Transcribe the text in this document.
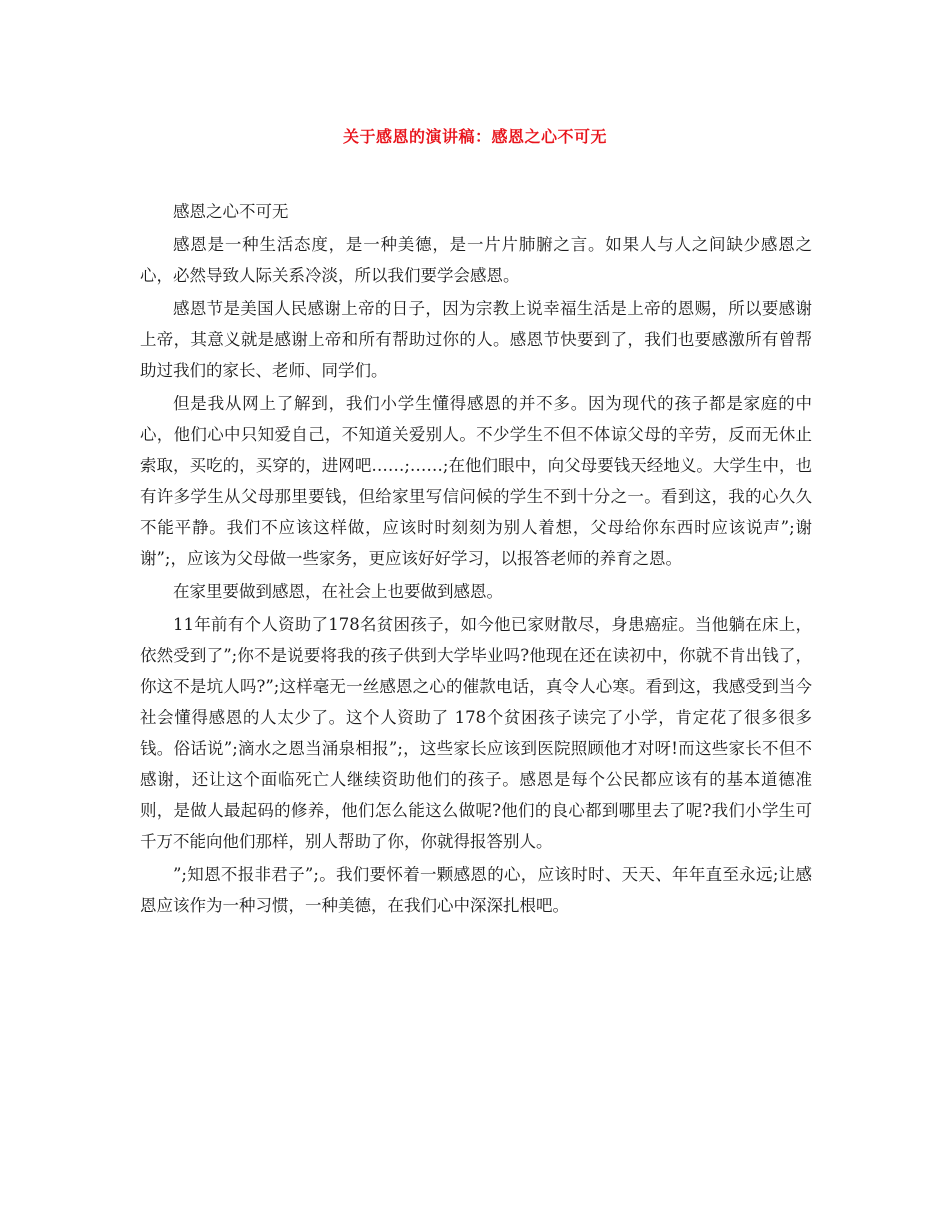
关于感恩的演讲稿：感恩之心不可无

感恩之心不可无

感恩是一种生活态度，是一种美德，是一片片肺腑之言。如果人与人之间缺少感恩之心，必然导致人际关系冷淡，所以我们要学会感恩。

感恩节是美国人民感谢上帝的日子，因为宗教上说幸福生活是上帝的恩赐，所以要感谢上帝，其意义就是感谢上帝和所有帮助过你的人。感恩节快要到了，我们也要感激所有曾帮助过我们的家长、老师、同学们。

但是我从网上了解到，我们小学生懂得感恩的并不多。因为现代的孩子都是家庭的中心，他们心中只知爱自己，不知道关爱别人。不少学生不但不体谅父母的辛劳，反而无休止索取，买吃的，买穿的，进网吧……;……;在他们眼中，向父母要钱天经地义。大学生中，也有许多学生从父母那里要钱，但给家里写信问候的学生不到十分之一。看到这，我的心久久不能平静。我们不应该这样做，应该时时刻刻为别人着想，父母给你东西时应该说声”;谢谢”;，应该为父母做一些家务，更应该好好学习，以报答老师的养育之恩。

在家里要做到感恩，在社会上也要做到感恩。

11年前有个人资助了178名贫困孩子，如今他已家财散尽，身患癌症。当他躺在床上，依然受到了”;你不是说要将我的孩子供到大学毕业吗?他现在还在读初中，你就不肯出钱了，你这不是坑人吗?”;这样毫无一丝感恩之心的催款电话，真令人心寒。看到这，我感受到当今社会懂得感恩的人太少了。这个人资助了 178个贫困孩子读完了小学，肯定花了很多很多钱。俗话说”;滴水之恩当涌泉相报”;，这些家长应该到医院照顾他才对呀!而这些家长不但不感谢，还让这个面临死亡人继续资助他们的孩子。感恩是每个公民都应该有的基本道德准则，是做人最起码的修养，他们怎么能这么做呢?他们的良心都到哪里去了呢?我们小学生可千万不能向他们那样，别人帮助了你，你就得报答别人。

”;知恩不报非君子”;。我们要怀着一颗感恩的心，应该时时、天天、年年直至永远;让感恩应该作为一种习惯，一种美德，在我们心中深深扎根吧。
